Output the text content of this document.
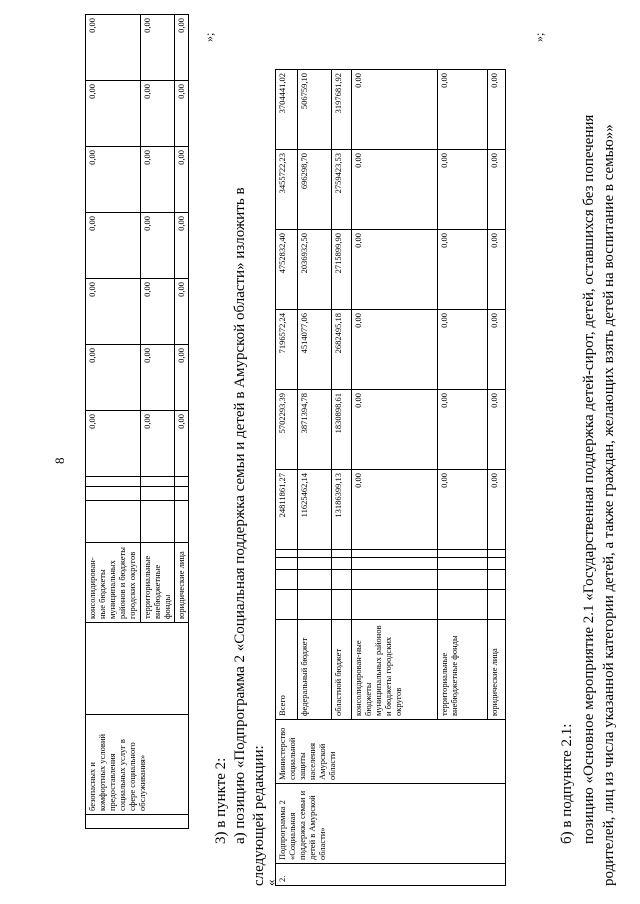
8
	безопасных и комфортных условий предоставления социальных услуг в сфере социального обслуживания»		консолидирован-ные бюджеты муниципальных районов и бюджеты городских округов				0,00	0,00	0,00	0,00	0,00	0,00	0,00
			территориальные внебюджетные фонды				0,00	0,00	0,00	0,00	0,00	0,00	0,00
			юридические лица				0,00	0,00	0,00	0,00	0,00	0,00	0,00
»;
3) в пункте 2: а) позицию «Подпрограмма 2 «Социальная поддержка семьи и детей в Амурской области» изложить в следующей редакции:
«
2.	Подпрограмма 2 «Социальная поддержка семьи и детей в Амурской области»	Министерство социальной защиты населения Амурской области	Всего					24811861,27	5702293,39	7196572,24	4752832,40	3455722,23	3704441,02
			федеральный бюджет					11625462,14	3871394,78	4514077,06	2036932,50	696298,70	506759,10
			областной бюджет					13186399,13	1830898,61	2682495,18	2715899,90	2759423,53	3197681,92
			консолидирован-ные бюджеты муниципальных районов и бюджеты городских округов					0,00	0,00	0,00	0,00	0,00	0,00
			территориальные внебюджетные фонды					0,00	0,00	0,00	0,00	0,00	0,00
			юридические лица					0,00	0,00	0,00	0,00	0,00	0,00
»;
б) в подпункте 2.1: позицию «Основное мероприятие 2.1 «Государственная поддержка детей-сирот, детей, оставшихся без попечения родителей, лиц из числа указанной категории детей, а также граждан, желающих взять детей на воспитание в семью»»
